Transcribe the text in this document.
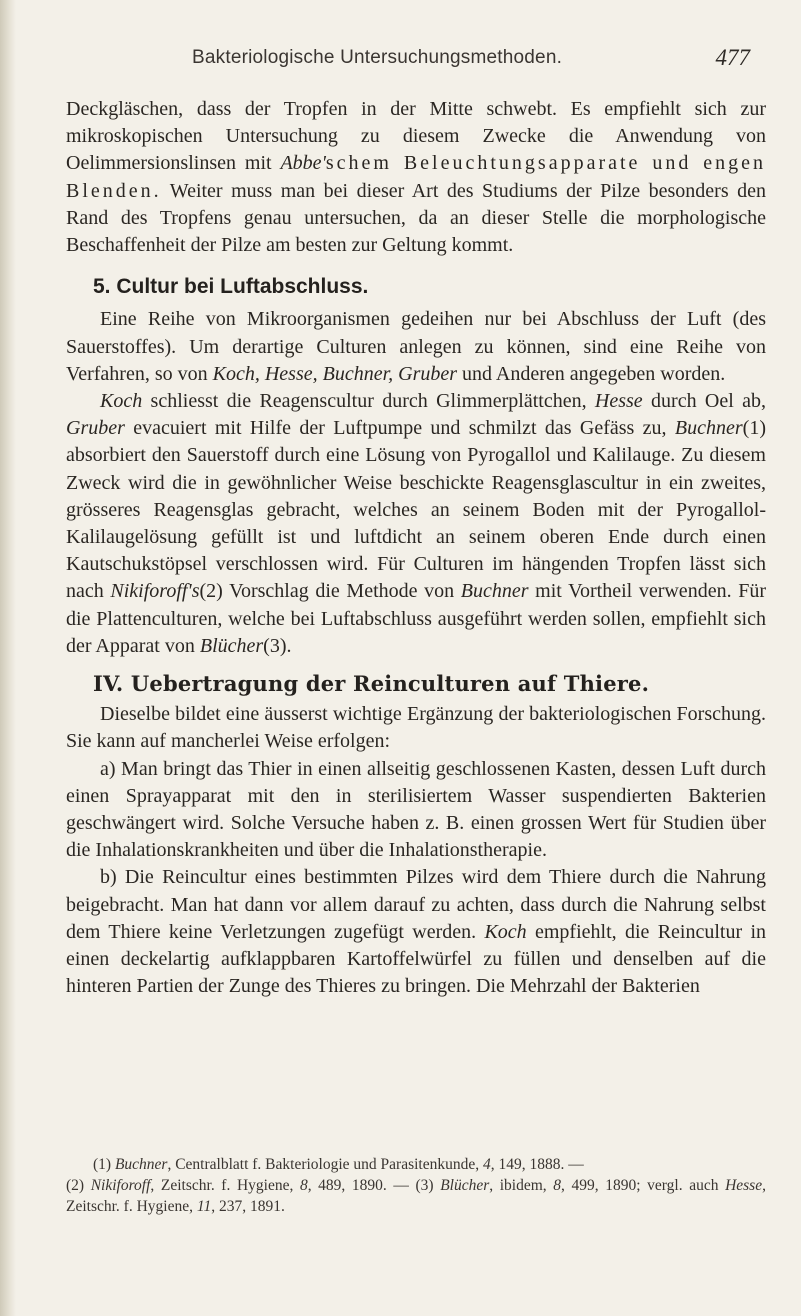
Bakteriologische Untersuchungsmethoden.	477

Deckgläschen, dass der Tropfen in der Mitte schwebt. Es empfiehlt sich zur mikroskopischen Untersuchung zu diesem Zwecke die Anwendung von Oelimmersionslinsen mit Abbe'schem Beleuchtungsapparate und engen Blenden. Weiter muss man bei dieser Art des Studiums der Pilze besonders den Rand des Tropfens genau untersuchen, da an dieser Stelle die morphologische Beschaffenheit der Pilze am besten zur Geltung kommt.

5. Cultur bei Luftabschluss.

Eine Reihe von Mikroorganismen gedeihen nur bei Abschluss der Luft (des Sauerstoffes). Um derartige Culturen anlegen zu können, sind eine Reihe von Verfahren, so von Koch, Hesse, Buchner, Gruber und Anderen angegeben worden.

Koch schliesst die Reagenscultur durch Glimmerplättchen, Hesse durch Oel ab, Gruber evacuiert mit Hilfe der Luftpumpe und schmilzt das Gefäss zu, Buchner(1) absorbiert den Sauerstoff durch eine Lösung von Pyrogallol und Kalilauge. Zu diesem Zweck wird die in gewöhnlicher Weise beschickte Reagensglascultur in ein zweites, grösseres Reagensglas gebracht, welches an seinem Boden mit der Pyrogallol-Kalilaugelösung gefüllt ist und luftdicht an seinem oberen Ende durch einen Kautschukstöpsel verschlossen wird. Für Culturen im hängenden Tropfen lässt sich nach Nikiforoff's(2) Vorschlag die Methode von Buchner mit Vortheil verwenden. Für die Plattenculturen, welche bei Luftabschluss ausgeführt werden sollen, empfiehlt sich der Apparat von Blücher(3).

IV. Uebertragung der Reinculturen auf Thiere.

Dieselbe bildet eine äusserst wichtige Ergänzung der bakteriologischen Forschung. Sie kann auf mancherlei Weise erfolgen:

a) Man bringt das Thier in einen allseitig geschlossenen Kasten, dessen Luft durch einen Sprayapparat mit den in sterilisiertem Wasser suspendierten Bakterien geschwängert wird. Solche Versuche haben z. B. einen grossen Wert für Studien über die Inhalationskrankheiten und über die Inhalationstherapie.

b) Die Reincultur eines bestimmten Pilzes wird dem Thiere durch die Nahrung beigebracht. Man hat dann vor allem darauf zu achten, dass durch die Nahrung selbst dem Thiere keine Verletzungen zugefügt werden. Koch empfiehlt, die Reincultur in einen deckelartig aufklappbaren Kartoffelwürfel zu füllen und denselben auf die hinteren Partien der Zunge des Thieres zu bringen. Die Mehrzahl der Bakterien

(1) Buchner, Centralblatt f. Bakteriologie und Parasitenkunde, 4, 149, 1888. —

(2) Nikiforoff, Zeitschr. f. Hygiene, 8, 489, 1890. — (3) Blücher, ibidem, 8, 499, 1890; vergl. auch Hesse, Zeitschr. f. Hygiene, 11, 237, 1891.
